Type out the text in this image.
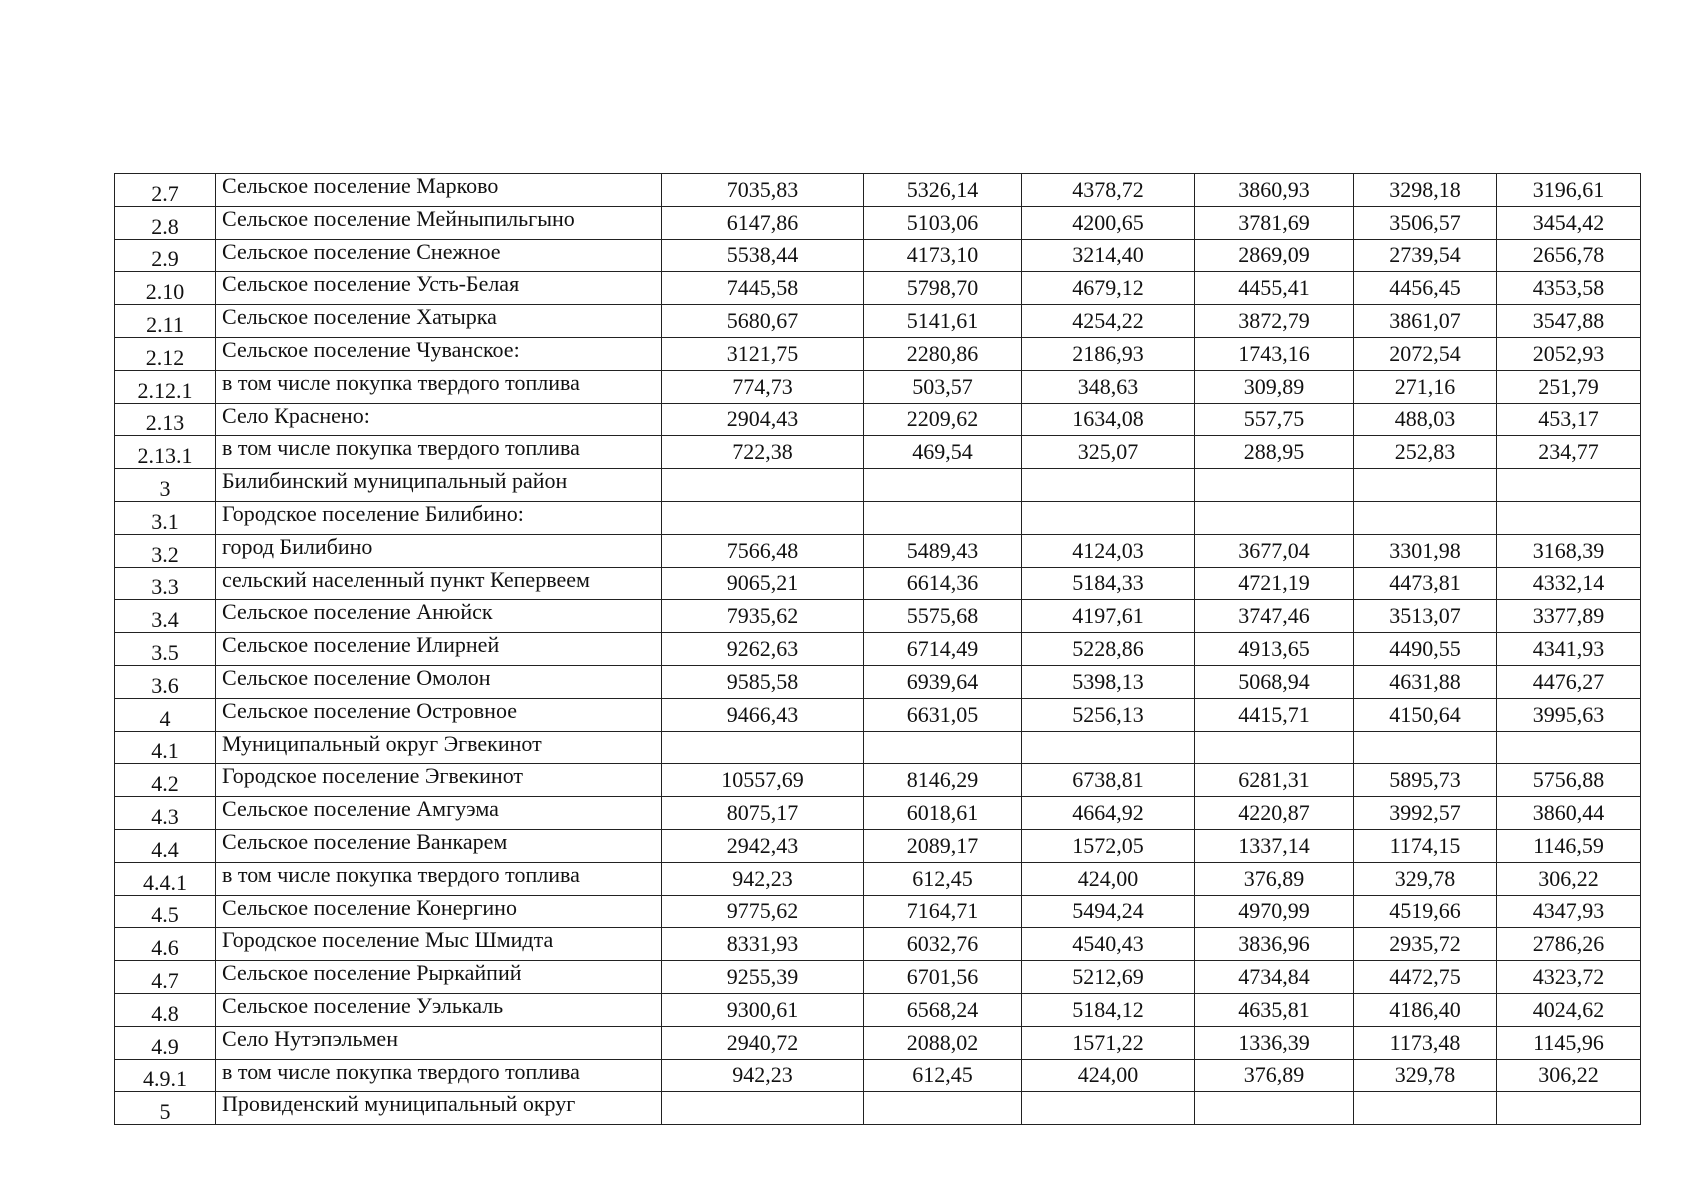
2.7	Сельское поселение Марково	7035,83	5326,14	4378,72	3860,93	3298,18	3196,61
2.8	Сельское поселение Мейныпильгыно	6147,86	5103,06	4200,65	3781,69	3506,57	3454,42
2.9	Сельское поселение Снежное	5538,44	4173,10	3214,40	2869,09	2739,54	2656,78
2.10	Сельское поселение Усть-Белая	7445,58	5798,70	4679,12	4455,41	4456,45	4353,58
2.11	Сельское поселение Хатырка	5680,67	5141,61	4254,22	3872,79	3861,07	3547,88
2.12	Сельское поселение Чуванское:	3121,75	2280,86	2186,93	1743,16	2072,54	2052,93
2.12.1	в том числе покупка твердого топлива	774,73	503,57	348,63	309,89	271,16	251,79
2.13	Село Краснено:	2904,43	2209,62	1634,08	557,75	488,03	453,17
2.13.1	в том числе покупка твердого топлива	722,38	469,54	325,07	288,95	252,83	234,77
3	Билибинский муниципальный район						
3.1	Городское поселение Билибино:						
3.2	город Билибино	7566,48	5489,43	4124,03	3677,04	3301,98	3168,39
3.3	сельский населенный пункт Кепервеем	9065,21	6614,36	5184,33	4721,19	4473,81	4332,14
3.4	Сельское поселение Анюйск	7935,62	5575,68	4197,61	3747,46	3513,07	3377,89
3.5	Сельское поселение Илирней	9262,63	6714,49	5228,86	4913,65	4490,55	4341,93
3.6	Сельское поселение Омолон	9585,58	6939,64	5398,13	5068,94	4631,88	4476,27
4	Сельское поселение Островное	9466,43	6631,05	5256,13	4415,71	4150,64	3995,63
4.1	Муниципальный округ Эгвекинот						
4.2	Городское поселение Эгвекинот	10557,69	8146,29	6738,81	6281,31	5895,73	5756,88
4.3	Сельское поселение Амгуэма	8075,17	6018,61	4664,92	4220,87	3992,57	3860,44
4.4	Сельское поселение Ванкарем	2942,43	2089,17	1572,05	1337,14	1174,15	1146,59
4.4.1	в том числе покупка твердого топлива	942,23	612,45	424,00	376,89	329,78	306,22
4.5	Сельское поселение Конергино	9775,62	7164,71	5494,24	4970,99	4519,66	4347,93
4.6	Городское поселение Мыс Шмидта	8331,93	6032,76	4540,43	3836,96	2935,72	2786,26
4.7	Сельское поселение Рыркайпий	9255,39	6701,56	5212,69	4734,84	4472,75	4323,72
4.8	Сельское поселение Уэлькаль	9300,61	6568,24	5184,12	4635,81	4186,40	4024,62
4.9	Село Нутэпэльмен	2940,72	2088,02	1571,22	1336,39	1173,48	1145,96
4.9.1	в том числе покупка твердого топлива	942,23	612,45	424,00	376,89	329,78	306,22
5	Провиденский муниципальный округ						
